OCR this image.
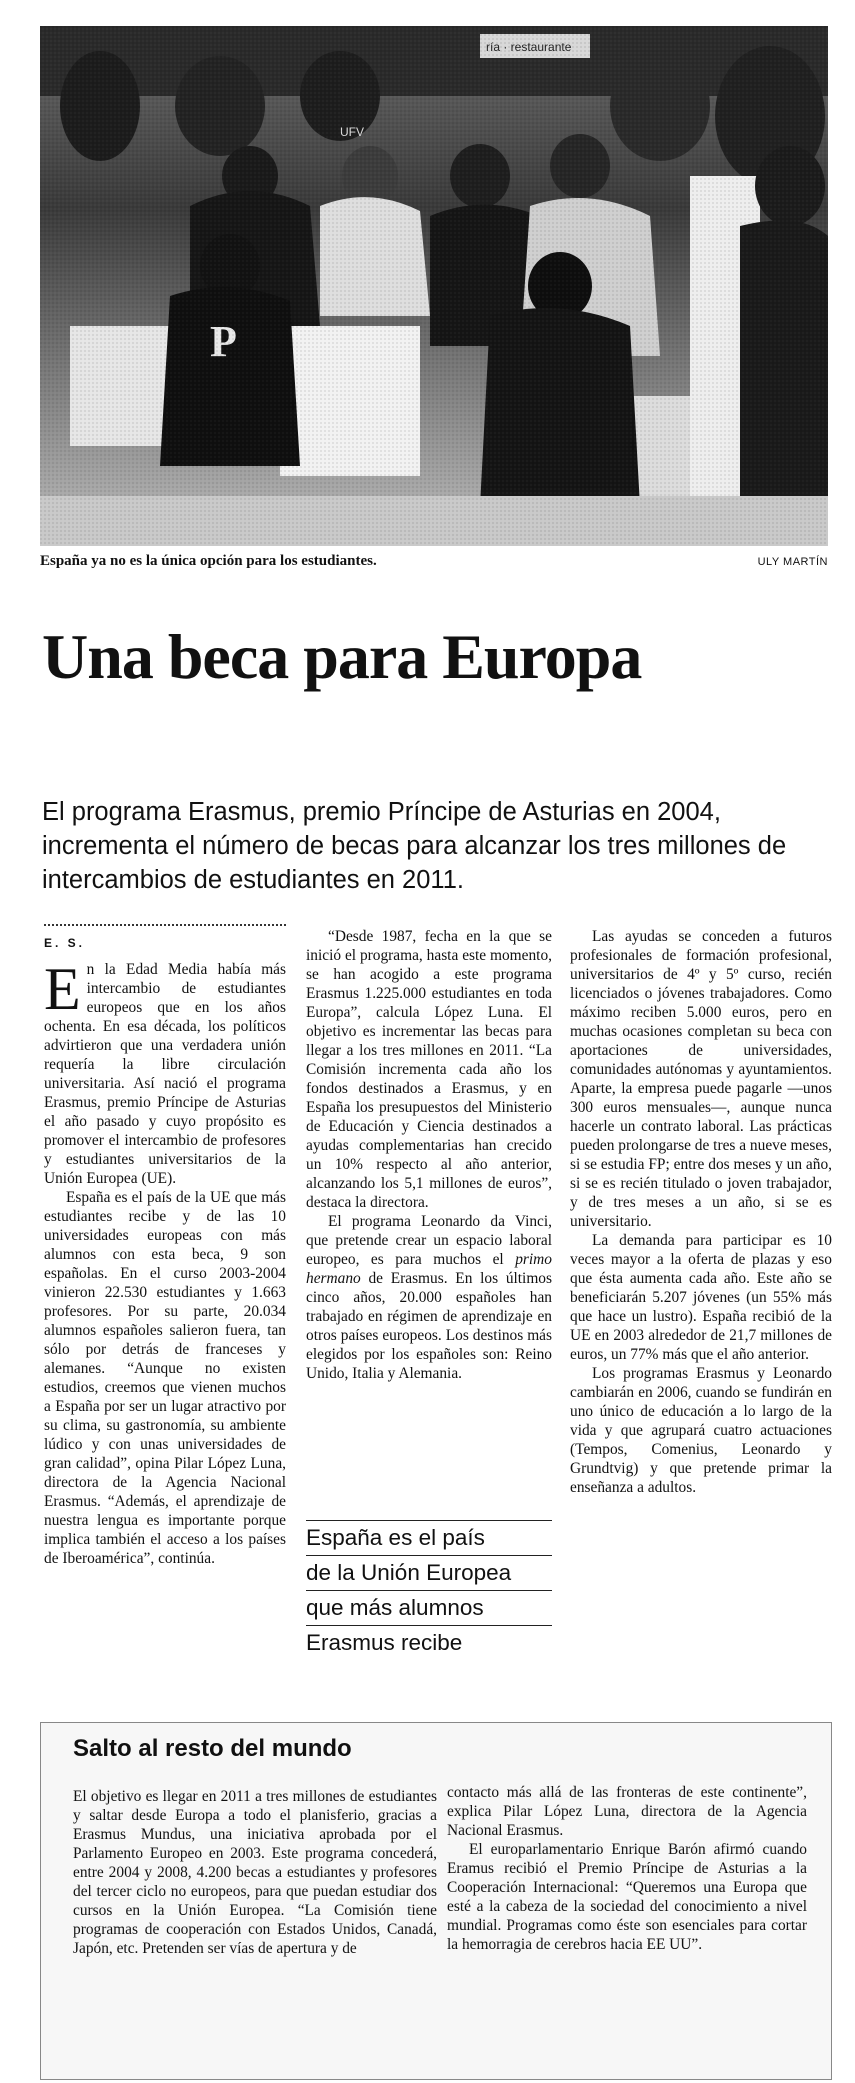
España ya no es la única opción para los estudiantes.	ULY MARTÍN
Una beca para Europa

El programa Erasmus, premio Príncipe de Asturias en 2004, incrementa el número de becas para alcanzar los tres millones de intercambios de estudiantes en 2011.

E. S.

En la Edad Media había más intercambio de estudiantes europeos que en los años ochenta. En esa década, los políticos advirtieron que una verdadera unión requería la libre circulación universitaria. Así nació el programa Erasmus, premio Príncipe de Asturias el año pasado y cuyo propósito es promover el intercambio de profesores y estudiantes universitarios de la Unión Europea (UE).

España es el país de la UE que más estudiantes recibe y de las 10 universidades europeas con más alumnos con esta beca, 9 son españolas. En el curso 2003-2004 vinieron 22.530 estudiantes y 1.663 profesores. Por su parte, 20.034 alumnos españoles salieron fuera, tan sólo por detrás de franceses y alemanes. “Aunque no existen estudios, creemos que vienen muchos a España por ser un lugar atractivo por su clima, su gastronomía, su ambiente lúdico y con unas universidades de gran calidad”, opina Pilar López Luna, directora de la Agencia Nacional Erasmus. “Además, el aprendizaje de nuestra lengua es importante porque implica también el acceso a los países de Iberoamérica”, continúa.

“Desde 1987, fecha en la que se inició el programa, hasta este momento, se han acogido a este programa Erasmus 1.225.000 estudiantes en toda Europa”, calcula López Luna. El objetivo es incrementar las becas para llegar a los tres millones en 2011. “La Comisión incrementa cada año los fondos destinados a Erasmus, y en España los presupuestos del Ministerio de Educación y Ciencia destinados a ayudas complementarias han crecido un 10% respecto al año anterior, alcanzando los 5,1 millones de euros”, destaca la directora.

El programa Leonardo da Vinci, que pretende crear un espacio laboral europeo, es para muchos el primo hermano de Erasmus. En los últimos cinco años, 20.000 españoles han trabajado en régimen de aprendizaje en otros países europeos. Los destinos más elegidos por los españoles son: Reino Unido, Italia y Alemania.

España es el país
de la Unión Europea
que más alumnos
Erasmus recibe

Las ayudas se conceden a futuros profesionales de formación profesional, universitarios de 4º y 5º curso, recién licenciados o jóvenes trabajadores. Como máximo reciben 5.000 euros, pero en muchas ocasiones completan su beca con aportaciones de universidades, comunidades autónomas y ayuntamientos. Aparte, la empresa puede pagarle —unos 300 euros mensuales—, aunque nunca hacerle un contrato laboral. Las prácticas pueden prolongarse de tres a nueve meses, si se estudia FP; entre dos meses y un año, si se es recién titulado o joven trabajador, y de tres meses a un año, si se es universitario.

La demanda para participar es 10 veces mayor a la oferta de plazas y eso que ésta aumenta cada año. Este año se beneficiarán 5.207 jóvenes (un 55% más que hace un lustro). España recibió de la UE en 2003 alrededor de 21,7 millones de euros, un 77% más que el año anterior.

Los programas Erasmus y Leonardo cambiarán en 2006, cuando se fundirán en uno único de educación a lo largo de la vida y que agrupará cuatro actuaciones (Tempos, Comenius, Leonardo y Grundtvig) y que pretende primar la enseñanza a adultos.

Salto al resto del mundo

El objetivo es llegar en 2011 a tres millones de estudiantes y saltar desde Europa a todo el planisferio, gracias a Erasmus Mundus, una iniciativa aprobada por el Parlamento Europeo en 2003. Este programa concederá, entre 2004 y 2008, 4.200 becas a estudiantes y profesores del tercer ciclo no europeos, para que puedan estudiar dos cursos en la Unión Europea. “La Comisión tiene programas de cooperación con Estados Unidos, Canadá, Japón, etc. Pretenden ser vías de apertura y de

contacto más allá de las fronteras de este continente”, explica Pilar López Luna, directora de la Agencia Nacional Erasmus.

El europarlamentario Enrique Barón afirmó cuando Eramus recibió el Premio Príncipe de Asturias a la Cooperación Internacional: “Queremos una Europa que esté a la cabeza de la sociedad del conocimiento a nivel mundial. Programas como éste son esenciales para cortar la hemorragia de cerebros hacia EE UU”.
